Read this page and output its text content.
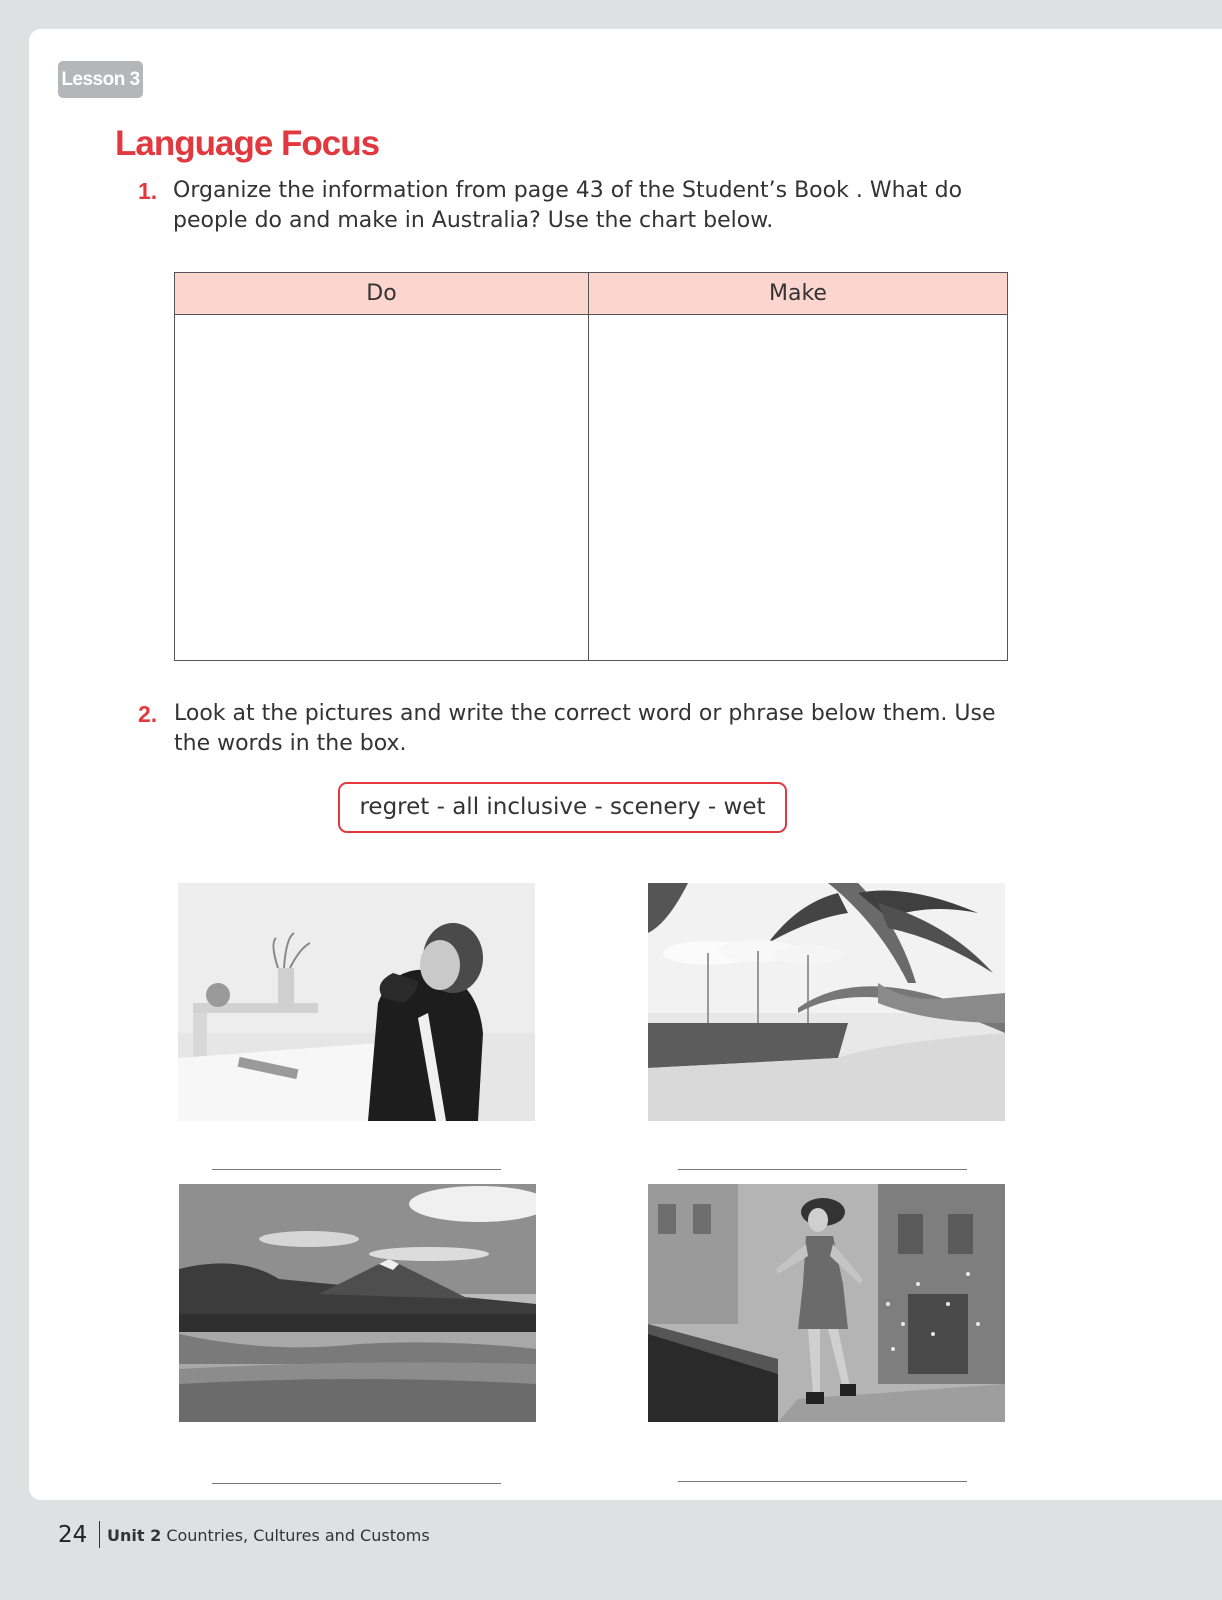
Lesson 3
Language Focus
1. Organize the information from page 43 of the Student’s Book . What do people do and make in Australia? Use the chart below.

Do	Make
2. Look at the pictures and write the correct word or phrase below them. Use the words in the box.

regret - all inclusive - scenery - wet
24 Unit 2 Countries, Cultures and Customs
